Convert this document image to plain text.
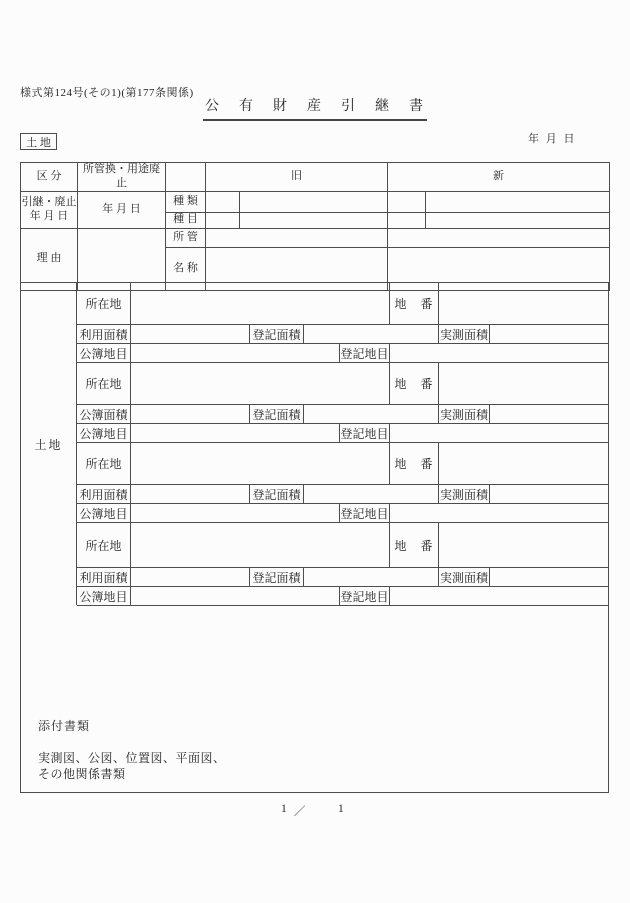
様式第124号(その1)(第177条関係)
公有財産引継書
土 地	年 月 日
区 分	所管換・用途廃止		旧		新	
引継・廃止
年 月 日	年 月 日	種 類				
		種 目				
理 由		所 管				
		名 称				
土地
所在地	地　番
利用面積	登記面積	実測面積
公簿地目	登記地目
所在地	地　番
公簿面積	登記面積	実測面積
公簿地目	登記地目
所在地	地　番
利用面積	登記面積	実測面積
公簿地目	登記地目
所在地	地　番
利用面積	登記面積	実測面積
公簿地目	登記地目

添付書類

実測図、公図、位置図、平面図、

その他関係書類

1 ／	1
